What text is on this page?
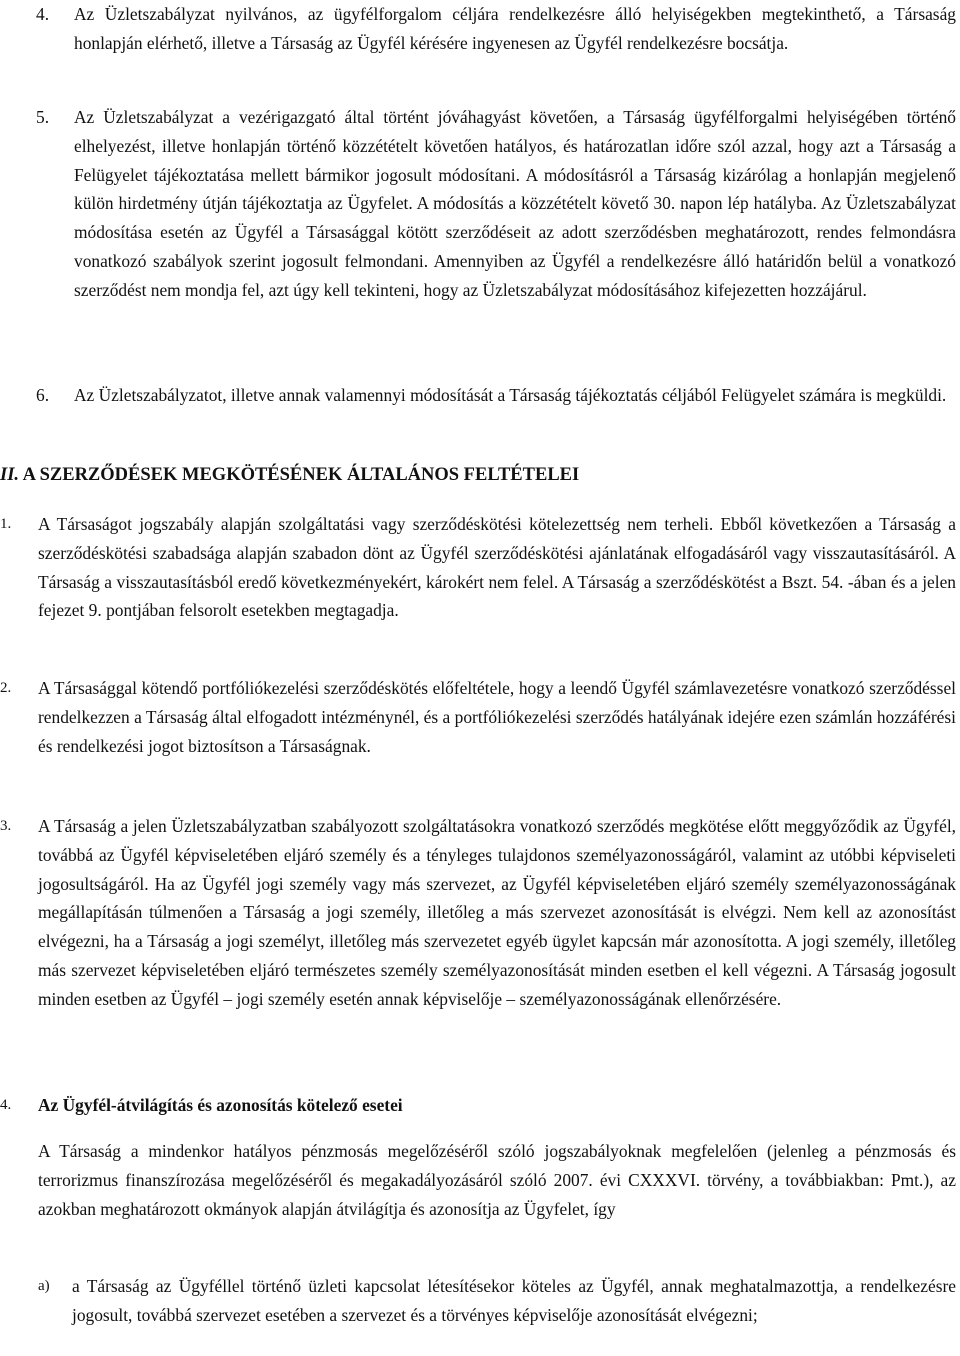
4. Az Üzletszabályzat nyilvános, az ügyfélforgalom céljára rendelkezésre álló helyiségekben megtekinthető, a Társaság honlapján elérhető, illetve a Társaság az Ügyfél kérésére ingyenesen az Ügyfél rendelkezésre bocsátja.
5. Az Üzletszabályzat a vezérigazgató által történt jóváhagyást követően, a Társaság ügyfélforgalmi helyiségében történő elhelyezést, illetve honlapján történő közzétételt követően hatályos, és határozatlan időre szól azzal, hogy azt a Társaság a Felügyelet tájékoztatása mellett bármikor jogosult módosítani. A módosításról a Társaság kizárólag a honlapján megjelenő külön hirdetmény útján tájékoztatja az Ügyfelet. A módosítás a közzétételt követő 30. napon lép hatályba. Az Üzletszabályzat módosítása esetén az Ügyfél a Társasággal kötött szerződéseit az adott szerződésben meghatározott, rendes felmondásra vonatkozó szabályok szerint jogosult felmondani. Amennyiben az Ügyfél a rendelkezésre álló határidőn belül a vonatkozó szerződést nem mondja fel, azt úgy kell tekinteni, hogy az Üzletszabályzat módosításához kifejezetten hozzájárul.
6. Az Üzletszabályzatot, illetve annak valamennyi módosítását a Társaság tájékoztatás céljából Felügyelet számára is megküldi.
II. A SZERZŐDÉSEK MEGKÖTÉSÉNEK ÁLTALÁNOS FELTÉTELEI
1. A Társaságot jogszabály alapján szolgáltatási vagy szerződéskötési kötelezettség nem terheli. Ebből következően a Társaság a szerződéskötési szabadsága alapján szabadon dönt az Ügyfél szerződéskötési ajánlatának elfogadásáról vagy visszautasításáról. A Társaság a visszautasításból eredő következményekért, károkért nem felel. A Társaság a szerződéskötést a Bszt. 54. -ában és a jelen fejezet 9. pontjában felsorolt esetekben megtagadja.
2. A Társasággal kötendő portfóliókezelési szerződéskötés előfeltétele, hogy a leendő Ügyfél számlavezetésre vonatkozó szerződéssel rendelkezzen a Társaság által elfogadott intézménynél, és a portfóliókezelési szerződés hatályának idejére ezen számlán hozzáférési és rendelkezési jogot biztosítson a Társaságnak.
3. A Társaság a jelen Üzletszabályzatban szabályozott szolgáltatásokra vonatkozó szerződés megkötése előtt meggyőződik az Ügyfél, továbbá az Ügyfél képviseletében eljáró személy és a tényleges tulajdonos személyazonosságáról, valamint az utóbbi képviseleti jogosultságáról. Ha az Ügyfél jogi személy vagy más szervezet, az Ügyfél képviseletében eljáró személy személyazonosságának megállapításán túlmenően a Társaság a jogi személy, illetőleg a más szervezet azonosítását is elvégzi. Nem kell az azonosítást elvégezni, ha a Társaság a jogi személyt, illetőleg más szervezetet egyéb ügylet kapcsán már azonosította. A jogi személy, illetőleg más szervezet képviseletében eljáró természetes személy személyazonosítását minden esetben el kell végezni. A Társaság jogosult minden esetben az Ügyfél – jogi személy esetén annak képviselője – személyazonosságának ellenőrzésére.
4. Az Ügyfél-átvilágítás és azonosítás kötelező esetei
A Társaság a mindenkor hatályos pénzmosás megelőzéséről szóló jogszabályoknak megfelelően (jelenleg a pénzmosás és terrorizmus finanszírozása megelőzéséről és megakadályozásáról szóló 2007. évi CXXXVI. törvény, a továbbiakban: Pmt.), az azokban meghatározott okmányok alapján átvilágítja és azonosítja az Ügyfelet, így
a) a Társaság az Ügyféllel történő üzleti kapcsolat létesítésekor köteles az Ügyfél, annak meghatalmazottja, a rendelkezésre jogosult, továbbá szervezet esetében a szervezet és a törvényes képviselője azonosítását elvégezni;
